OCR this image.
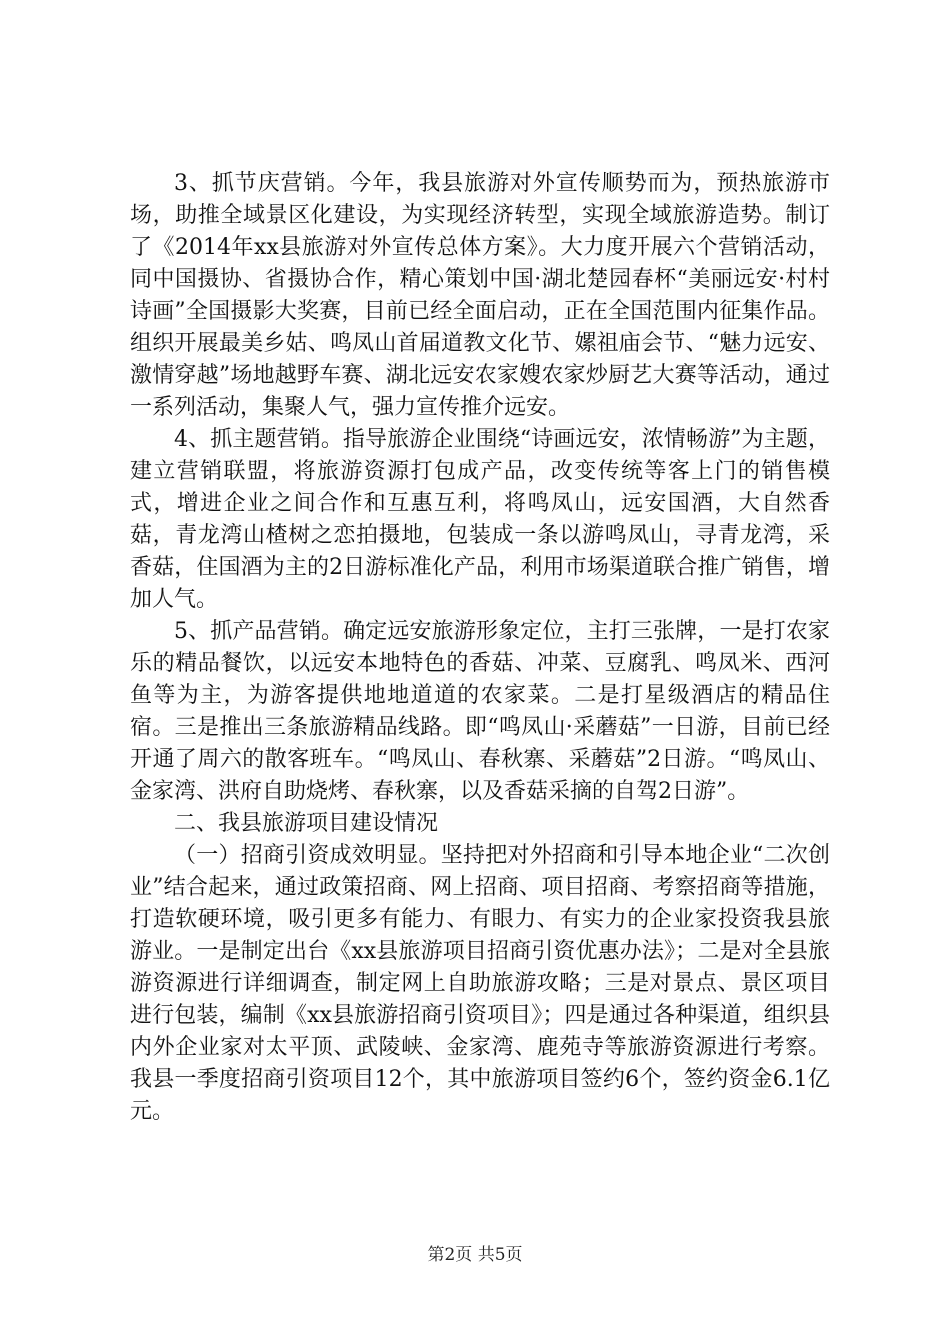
3、抓节庆营销。今年，我县旅游对外宣传顺势而为，预热旅游市场，助推全域景区化建设，为实现经济转型，实现全域旅游造势。制订了《2014年xx县旅游对外宣传总体方案》。大力度开展六个营销活动，同中国摄协、省摄协合作，精心策划中国·湖北楚园春杯“美丽远安·村村诗画”全国摄影大奖赛，目前已经全面启动，正在全国范围内征集作品。组织开展最美乡姑、鸣凤山首届道教文化节、嫘祖庙会节、“魅力远安、激情穿越”场地越野车赛、湖北远安农家嫂农家炒厨艺大赛等活动，通过一系列活动，集聚人气，强力宣传推介远安。

4、抓主题营销。指导旅游企业围绕“诗画远安，浓情畅游”为主题，建立营销联盟，将旅游资源打包成产品，改变传统等客上门的销售模式，增进企业之间合作和互惠互利，将鸣凤山，远安国酒，大自然香菇，青龙湾山楂树之恋拍摄地，包装成一条以游鸣凤山，寻青龙湾，采香菇，住国酒为主的2日游标准化产品，利用市场渠道联合推广销售，增加人气。

5、抓产品营销。确定远安旅游形象定位，主打三张牌，一是打农家乐的精品餐饮，以远安本地特色的香菇、冲菜、豆腐乳、鸣凤米、西河鱼等为主，为游客提供地地道道的农家菜。二是打星级酒店的精品住宿。三是推出三条旅游精品线路。即“鸣凤山·采蘑菇”一日游，目前已经开通了周六的散客班车。“鸣凤山、春秋寨、采蘑菇”2日游。“鸣凤山、金家湾、洪府自助烧烤、春秋寨，以及香菇采摘的自驾2日游”。

二、我县旅游项目建设情况

（一）招商引资成效明显。坚持把对外招商和引导本地企业“二次创业”结合起来，通过政策招商、网上招商、项目招商、考察招商等措施，打造软硬环境，吸引更多有能力、有眼力、有实力的企业家投资我县旅游业。一是制定出台《xx县旅游项目招商引资优惠办法》；二是对全县旅游资源进行详细调查，制定网上自助旅游攻略；三是对景点、景区项目进行包装，编制《xx县旅游招商引资项目》；四是通过各种渠道，组织县内外企业家对太平顶、武陵峡、金家湾、鹿苑寺等旅游资源进行考察。我县一季度招商引资项目12个，其中旅游项目签约6个，签约资金6.1亿元。

第2页 共5页
